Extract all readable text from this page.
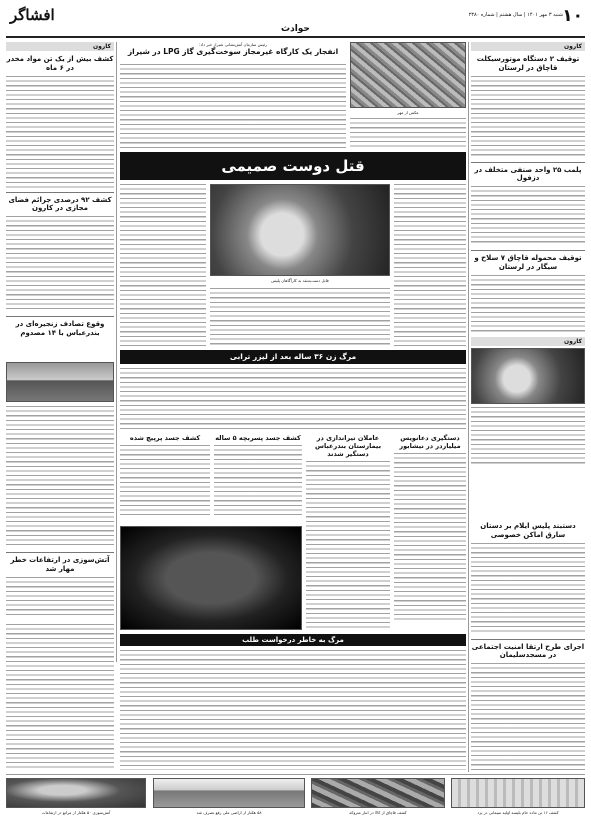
۱۰
شنبه ۳ مهر ۱۴۰۱ | سال هشتم | شماره ۲۳۸۰
حوادث
افشاگر
کارون
توقیف ۲ دستگاه موتورسیکلت قاچاق در لرستان
پلمب ۲۵ واحد صنفی متخلف در دزفول
توقیف محموله قاچاق ۷ سلاح و سیگار در لرستان
کارون
دستبند پلیس آیلام بر دستان سارق اماکن خصوصی
اجرای طرح ارتقا امنیت اجتماعی در مسجدسلیمان
کارون
کشف بیش از یک تن مواد مخدر در ۶ ماه
کشف ۹۲ درصدی جرائم فضای مجازی در کارون
وقوع تصادف زنجیره‌ای در بندرعباس با ۱۴ مصدوم
آتش‌سوزی در ارتفاعات خطر مهار شد
رئیس سازمان آتش‌نشانی شیراز خبر داد:
انفجار یک کارگاه غیرمجاز سوخت‌گیری گاز LPG در شیراز
عکس از مهر
قتل دوست صمیمی
قاتل دست‌به‌نقد به کارآگاهان پلیس
مرگ زن ۳۶ ساله بعد از لیزر ترابی
دستگیری دعانویس میلیاردر در نیشابور
عاملان تیراندازی در بیمارستان بندرعباس دستگیر شدند
کشف جسد پسربچه ۵ ساله
کشف جسد پرپیچ شده
مرگ به خاطر درخواست طلب
کشف ۱۶ تن ماده خام بلیسه اولیه سیمانی در یزد
کشف قاچاق از کالا در انبار متروکه
۵۸ هکتار از اراضی ملی رفع تصرف شد
آتش‌سوزی ۵۰ هکتار از مراتع در ارتفاعات
